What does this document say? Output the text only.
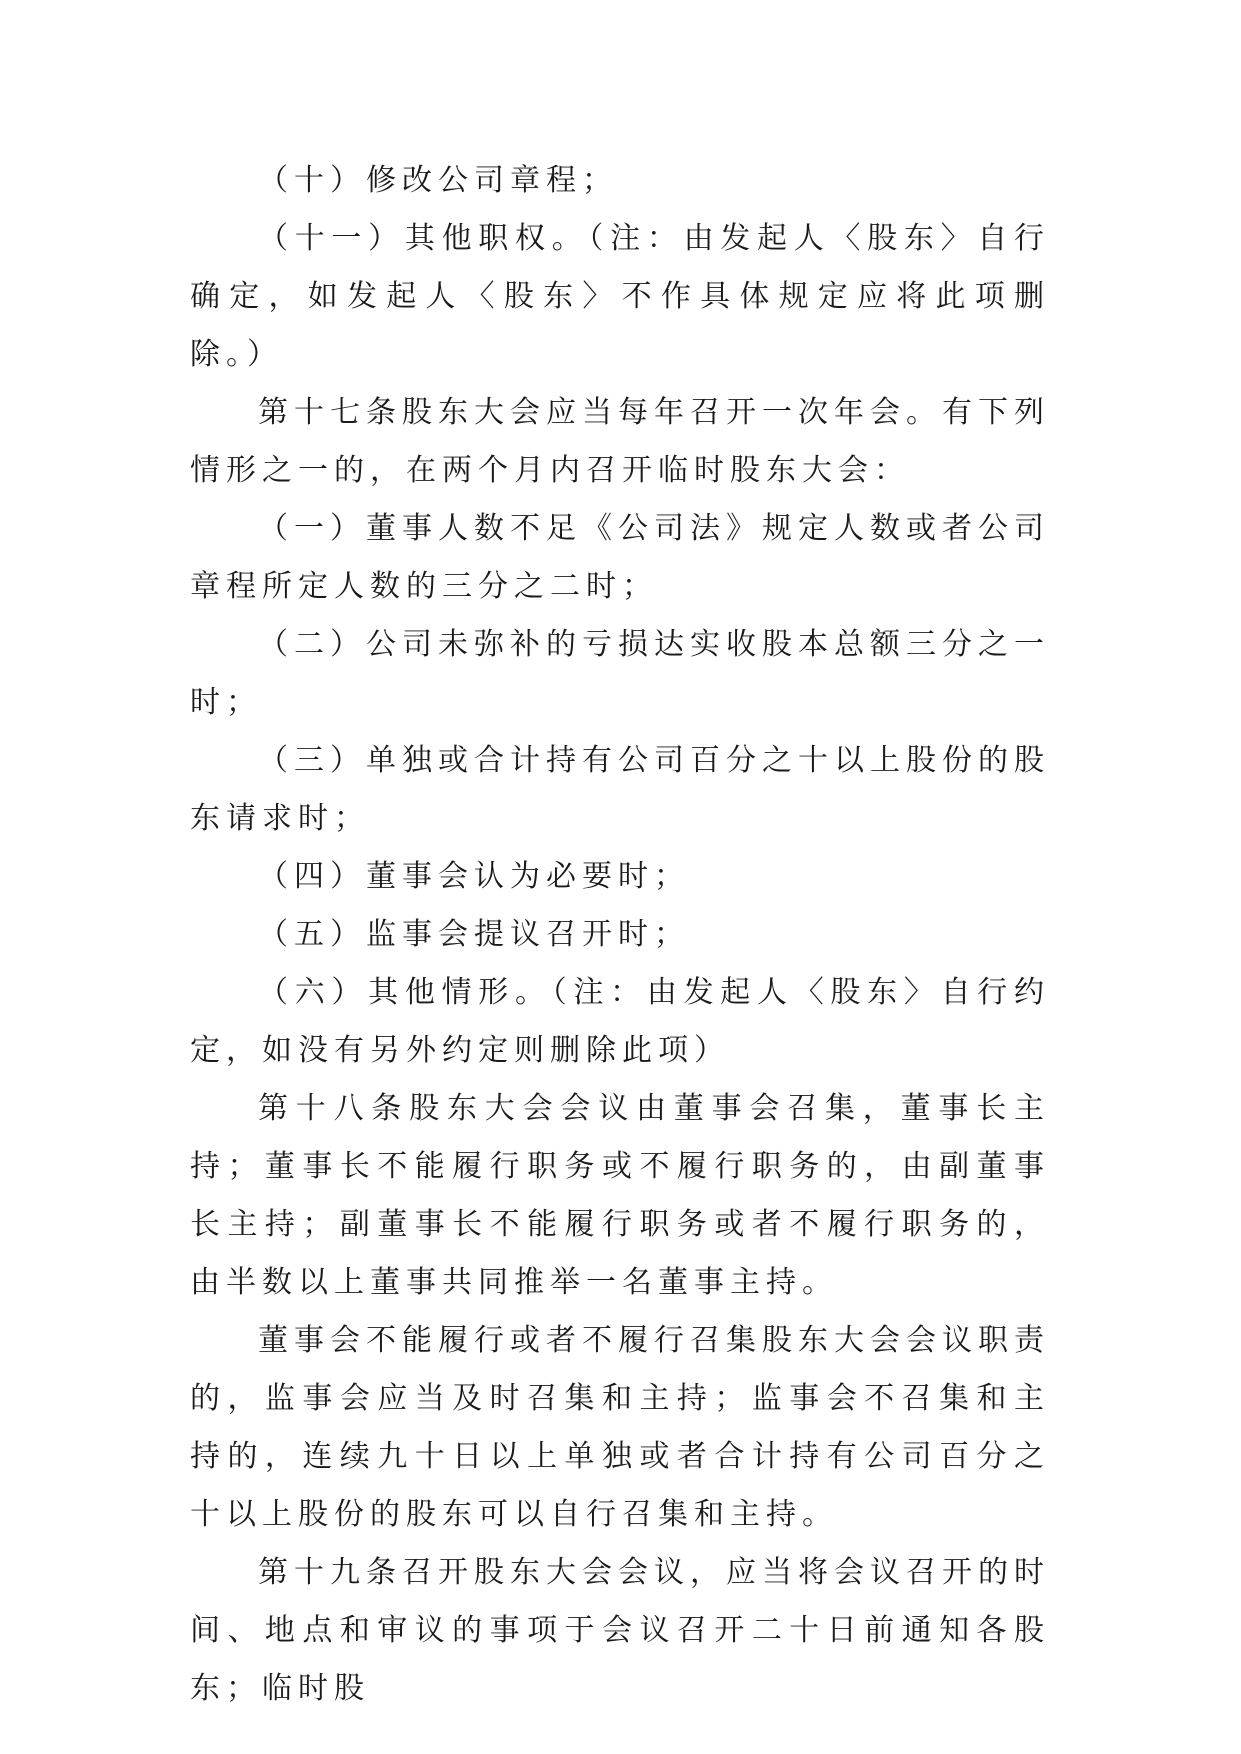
（十）修改公司章程；

（十一）其他职权。（注：由发起人〈股东〉自行确定，如发起人〈股东〉不作具体规定应将此项删除。）

第十七条股东大会应当每年召开一次年会。有下列情形之一的，在两个月内召开临时股东大会：

（一）董事人数不足《公司法》规定人数或者公司章程所定人数的三分之二时；

（二）公司未弥补的亏损达实收股本总额三分之一时；

（三）单独或合计持有公司百分之十以上股份的股东请求时；

（四）董事会认为必要时；

（五）监事会提议召开时；

（六）其他情形。（注：由发起人〈股东〉自行约定，如没有另外约定则删除此项）

第十八条股东大会会议由董事会召集，董事长主持；董事长不能履行职务或不履行职务的，由副董事长主持；副董事长不能履行职务或者不履行职务的，由半数以上董事共同推举一名董事主持。

董事会不能履行或者不履行召集股东大会会议职责的，监事会应当及时召集和主持；监事会不召集和主持的，连续九十日以上单独或者合计持有公司百分之十以上股份的股东可以自行召集和主持。

第十九条召开股东大会会议，应当将会议召开的时间、地点和审议的事项于会议召开二十日前通知各股东；临时股
